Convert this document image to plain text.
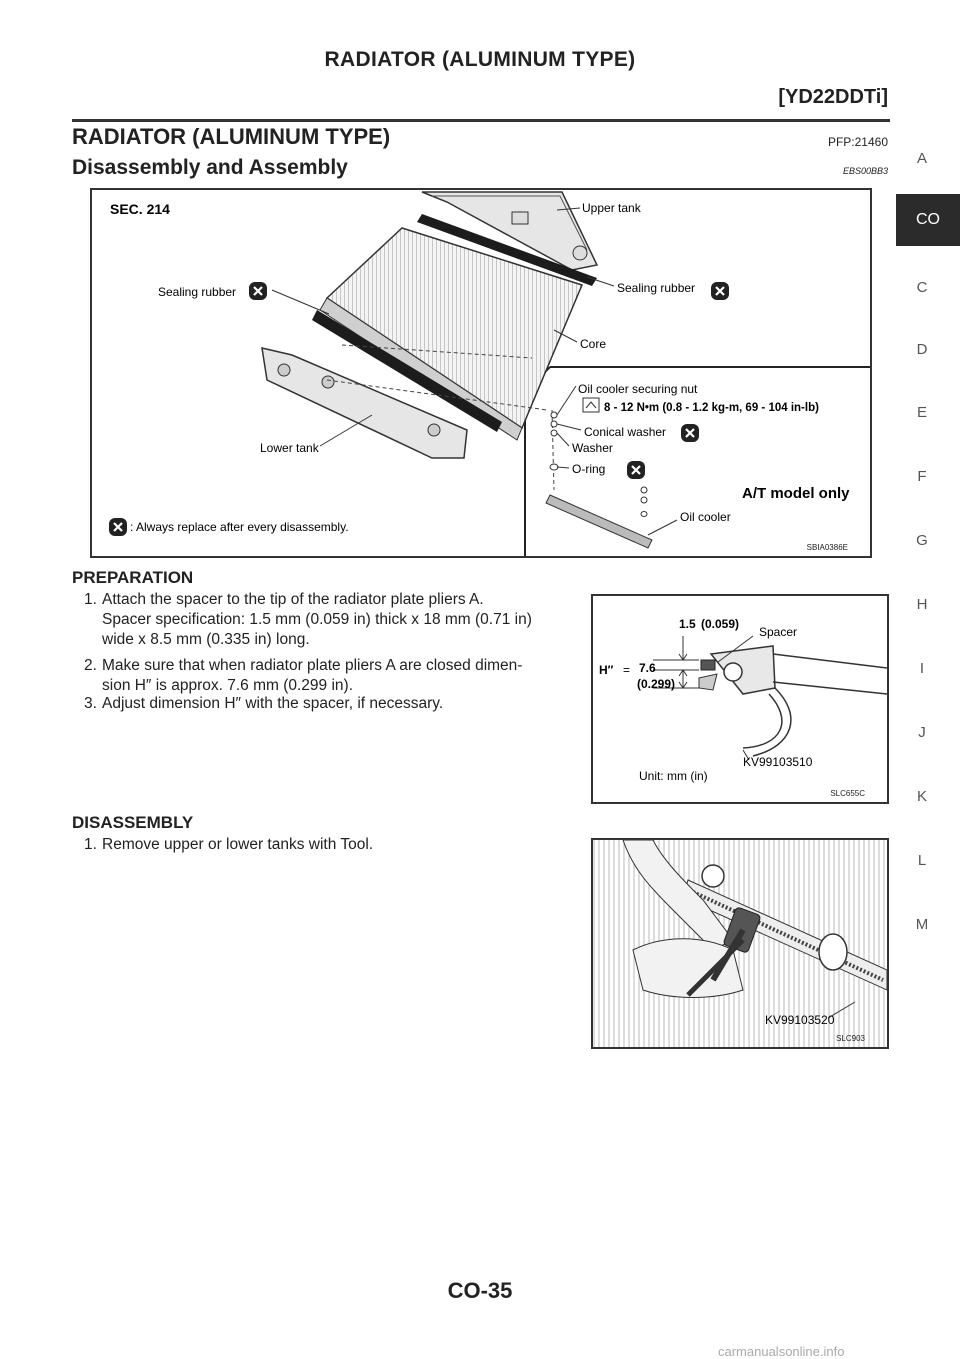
RADIATOR (ALUMINUM TYPE)
[YD22DDTi]
RADIATOR (ALUMINUM TYPE)	PFP:21460
Disassembly and Assembly	EBS00BB3
CO
A
C
D
E
F
G
H
I
J
K
L
M
SEC. 214	Upper tank
Sealing rubber	Sealing rubber
Core
Lower tank
Oil cooler securing nut
8 - 12 N•m (0.8 - 1.2 kg-m, 69 - 104 in-lb)
Conical washer
Washer
O-ring
A/T model only
Oil cooler
: Always replace after every disassembly.
SBIA0386E
PREPARATION
1. Attach the spacer to the tip of the radiator plate pliers A.
Spacer specification: 1.5 mm (0.059 in) thick x 18 mm (0.71 in)
wide x 8.5 mm (0.335 in) long.
2. Make sure that when radiator plate pliers A are closed dimen-
sion H″ is approx. 7.6 mm (0.299 in).
3. Adjust dimension H″ with the spacer, if necessary.
1.5 (0.059)
Spacer
H″ = 7.6
(0.299)
KV99103510
Unit: mm (in)
SLC655C
DISASSEMBLY
1. Remove upper or lower tanks with Tool.
KV99103520
SLC903
CO-35
carmanualsonline.info
